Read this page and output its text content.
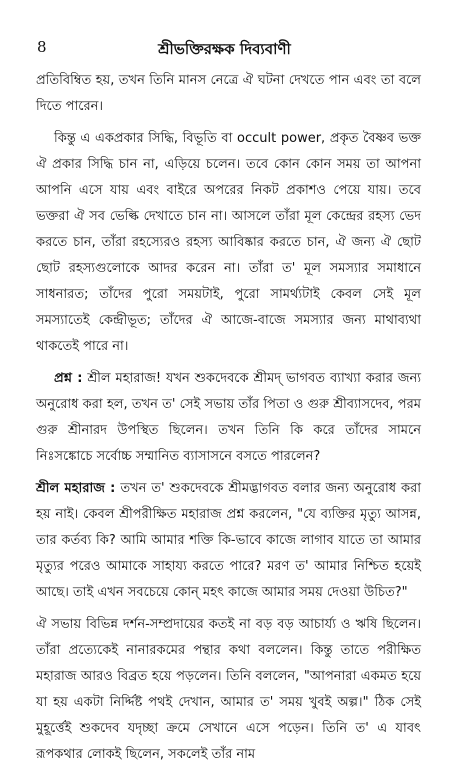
8	শ্রীভক্তিরক্ষক দিব্যবাণী

প্রতিবিম্বিত হয়, তখন তিনি মানস নেত্রে ঐ ঘটনা দেখতে পান এবং তা বলে দিতে পারেন।

কিন্তু এ একপ্রকার সিদ্ধি, বিভূতি বা occult power, প্রকৃত বৈষ্ণব ভক্ত ঐ প্রকার সিদ্ধি চান না, এড়িয়ে চলেন। তবে কোন কোন সময় তা আপনা আপনি এসে যায় এবং বাইরে অপরের নিকট প্রকাশও পেয়ে যায়। তবে ভক্তরা ঐ সব ভেল্কি দেখাতে চান না। আসলে তাঁরা মূল কেন্দ্রের রহস্য ভেদ করতে চান, তাঁরা রহস্যেরও রহস্য আবিষ্কার করতে চান, ঐ জন্য ঐ ছোট ছোট রহস্যগুলোকে আদর করেন না। তাঁরা ত' মূল সমস্যার সমাধানে সাধনারত; তাঁদের পুরো সময়টাই, পুরো সামর্থ্যটাই কেবল সেই মূল সমস্যাতেই কেন্দ্রীভূত; তাঁদের ঐ আজে-বাজে সমস্যার জন্য মাথাব্যথা থাকতেই পারে না।

প্রশ্ন : শ্রীল মহারাজ! যখন শুকদেবকে শ্রীমদ্ ভাগবত ব্যাখ্যা করার জন্য অনুরোধ করা হল, তখন ত' সেই সভায় তাঁর পিতা ও গুরু শ্রীব্যাসদেব, পরম গুরু শ্রীনারদ উপস্থিত ছিলেন। তখন তিনি কি করে তাঁদের সামনে নিঃসঙ্কোচে সর্বোচ্চ সম্মানিত ব্যাসাসনে বসতে পারলেন?

শ্রীল মহারাজ : তখন ত' শুকদেবকে শ্রীমদ্ভাগবত বলার জন্য অনুরোধ করা হয় নাই। কেবল শ্রীপরীক্ষিত মহারাজ প্রশ্ন করলেন, "যে ব্যক্তির মৃত্যু আসন্ন, তার কর্তব্য কি? আমি আমার শক্তি কি-ভাবে কাজে লাগাব যাতে তা আমার মৃত্যুর পরেও আমাকে সাহায্য করতে পারে? মরণ ত' আমার নিশ্চিত হয়েই আছে। তাই এখন সবচেয়ে কোন্ মহৎ কাজে আমার সময় দেওয়া উচিত?"

ঐ সভায় বিভিন্ন দর্শন-সম্প্রদায়ের কতই না বড় বড় আচার্য্য ও ঋষি ছিলেন। তাঁরা প্রত্যেকেই নানারকমের পন্থার কথা বললেন। কিন্তু তাতে পরীক্ষিত মহারাজ আরও বিব্রত হয়ে পড়লেন। তিনি বললেন, "আপনারা একমত হয়ে যা হয় একটা নির্দ্দিষ্ট পথই দেখান, আমার ত' সময় খুবই অল্প।" ঠিক সেই মুহূর্ত্তেই শুকদেব যদৃচ্ছা ক্রমে সেখানে এসে পড়েন। তিনি ত' এ যাবৎ রূপকথার লোকই ছিলেন, সকলেই তাঁর নাম
